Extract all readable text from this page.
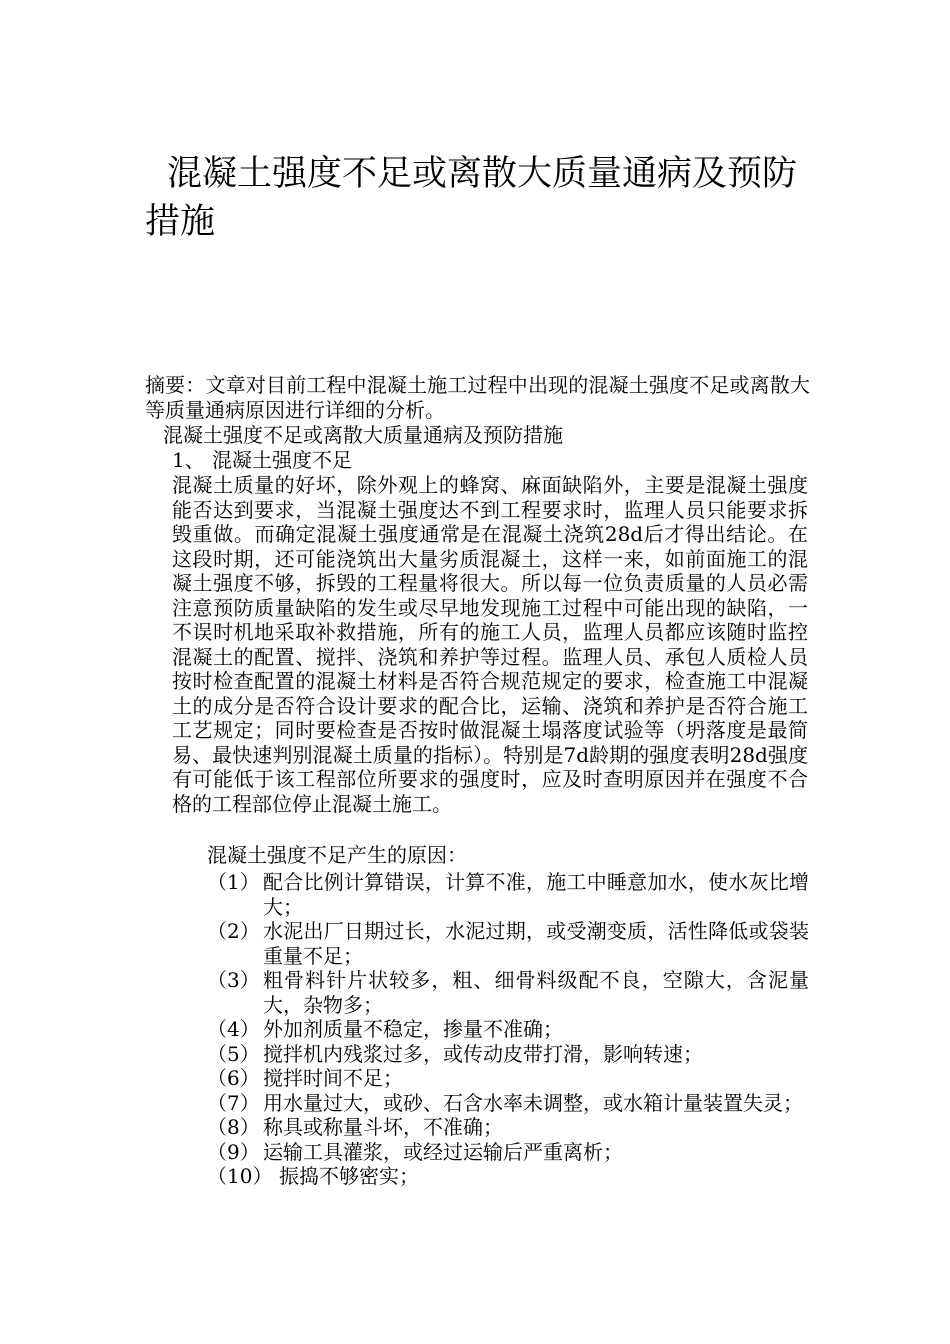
混凝土强度不足或离散大质量通病及预防措施

摘要：文章对目前工程中混凝土施工过程中出现的混凝土强度不足或离散大等质量通病原因进行详细的分析。

混凝土强度不足或离散大质量通病及预防措施

1、 混凝土强度不足

混凝土质量的好坏，除外观上的蜂窝、麻面缺陷外，主要是混凝土强度能否达到要求，当混凝土强度达不到工程要求时，监理人员只能要求拆毁重做。而确定混凝土强度通常是在混凝土浇筑28d后才得出结论。在这段时期，还可能浇筑出大量劣质混凝土，这样一来，如前面施工的混凝土强度不够，拆毁的工程量将很大。所以每一位负责质量的人员必需注意预防质量缺陷的发生或尽早地发现施工过程中可能出现的缺陷，一不误时机地采取补救措施，所有的施工人员，监理人员都应该随时监控混凝土的配置、搅拌、浇筑和养护等过程。监理人员、承包人质检人员按时检查配置的混凝土材料是否符合规范规定的要求，检查施工中混凝土的成分是否符合设计要求的配合比，运输、浇筑和养护是否符合施工工艺规定；同时要检查是否按时做混凝土塌落度试验等（坍落度是最简易、最快速判别混凝土质量的指标）。特别是7d龄期的强度表明28d强度有可能低于该工程部位所要求的强度时，应及时查明原因并在强度不合格的工程部位停止混凝土施工。

混凝土强度不足产生的原因：

（1） 配合比例计算错误，计算不准，施工中睡意加水，使水灰比增大；
（2） 水泥出厂日期过长，水泥过期，或受潮变质，活性降低或袋装重量不足；
（3） 粗骨料针片状较多，粗、细骨料级配不良，空隙大，含泥量大，杂物多；
（4） 外加剂质量不稳定，掺量不准确；
（5） 搅拌机内残浆过多，或传动皮带打滑，影响转速；
（6） 搅拌时间不足；
（7） 用水量过大，或砂、石含水率未调整，或水箱计量装置失灵；
（8） 称具或称量斗坏，不准确；
（9） 运输工具灌浆，或经过运输后严重离析；
（10） 振捣不够密实；
